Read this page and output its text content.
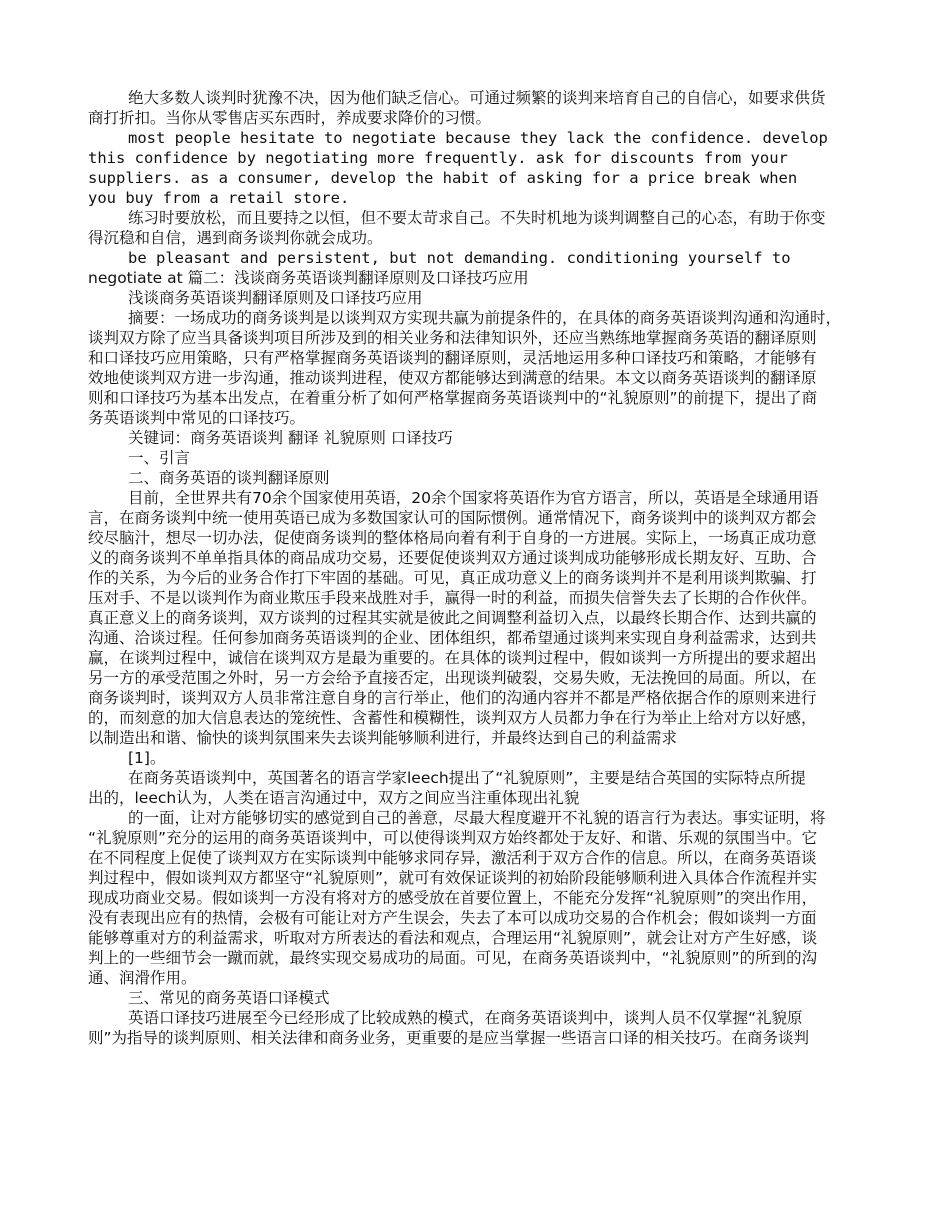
绝大多数人谈判时犹豫不决，因为他们缺乏信心。可通过频繁的谈判来培育自己的自信心，如要求供货
商打折扣。当你从零售店买东西时，养成要求降价的习惯。
most people hesitate to negotiate because they lack the confidence. develop
this confidence by negotiating more frequently. ask for discounts from your
suppliers. as a consumer, develop the habit of asking for a price break when
you buy from a retail store.
练习时要放松，而且要持之以恒，但不要太苛求自己。不失时机地为谈判调整自己的心态，有助于你变
得沉稳和自信，遇到商务谈判你就会成功。
be pleasant and persistent, but not demanding. conditioning yourself to
negotiate at 篇二：浅谈商务英语谈判翻译原则及口译技巧应用
浅谈商务英语谈判翻译原则及口译技巧应用
摘要：一场成功的商务谈判是以谈判双方实现共赢为前提条件的，在具体的商务英语谈判沟通和沟通时，
谈判双方除了应当具备谈判项目所涉及到的相关业务和法律知识外，还应当熟练地掌握商务英语的翻译原则
和口译技巧应用策略，只有严格掌握商务英语谈判的翻译原则，灵活地运用多种口译技巧和策略，才能够有
效地使谈判双方进一步沟通，推动谈判进程，使双方都能够达到满意的结果。本文以商务英语谈判的翻译原
则和口译技巧为基本出发点，在着重分析了如何严格掌握商务英语谈判中的“礼貌原则”的前提下，提出了商
务英语谈判中常见的口译技巧。
关键词：商务英语谈判 翻译 礼貌原则 口译技巧
一、引言
二、商务英语的谈判翻译原则
目前，全世界共有70余个国家使用英语，20余个国家将英语作为官方语言，所以，英语是全球通用语
言，在商务谈判中统一使用英语已成为多数国家认可的国际惯例。通常情况下，商务谈判中的谈判双方都会
绞尽脑汁，想尽一切办法，促使商务谈判的整体格局向着有利于自身的一方进展。实际上，一场真正成功意
义的商务谈判不单单指具体的商品成功交易，还要促使谈判双方通过谈判成功能够形成长期友好、互助、合
作的关系，为今后的业务合作打下牢固的基础。可见，真正成功意义上的商务谈判并不是利用谈判欺骗、打
压对手、不是以谈判作为商业欺压手段来战胜对手，赢得一时的利益，而损失信誉失去了长期的合作伙伴。
真正意义上的商务谈判，双方谈判的过程其实就是彼此之间调整利益切入点，以最终长期合作、达到共赢的
沟通、洽谈过程。任何参加商务英语谈判的企业、团体组织，都希望通过谈判来实现自身利益需求，达到共
赢，在谈判过程中，诚信在谈判双方是最为重要的。在具体的谈判过程中，假如谈判一方所提出的要求超出
另一方的承受范围之外时，另一方会给予直接否定，出现谈判破裂，交易失败，无法挽回的局面。所以，在
商务谈判时，谈判双方人员非常注意自身的言行举止，他们的沟通内容并不都是严格依据合作的原则来进行
的，而刻意的加大信息表达的笼统性、含蓄性和模糊性，谈判双方人员都力争在行为举止上给对方以好感，
以制造出和谐、愉快的谈判氛围来失去谈判能够顺利进行，并最终达到自己的利益需求
[1]。
在商务英语谈判中，英国著名的语言学家leech提出了“礼貌原则”，主要是结合英国的实际特点所提
出的，leech认为，人类在语言沟通过中，双方之间应当注重体现出礼貌
的一面，让对方能够切实的感觉到自己的善意，尽最大程度避开不礼貌的语言行为表达。事实证明，将
“礼貌原则”充分的运用的商务英语谈判中，可以使得谈判双方始终都处于友好、和谐、乐观的氛围当中。它
在不同程度上促使了谈判双方在实际谈判中能够求同存异，激活利于双方合作的信息。所以，在商务英语谈
判过程中，假如谈判双方都坚守“礼貌原则”，就可有效保证谈判的初始阶段能够顺利进入具体合作流程并实
现成功商业交易。假如谈判一方没有将对方的感受放在首要位置上，不能充分发挥“礼貌原则”的突出作用，
没有表现出应有的热情，会极有可能让对方产生误会，失去了本可以成功交易的合作机会；假如谈判一方面
能够尊重对方的利益需求，听取对方所表达的看法和观点，合理运用“礼貌原则”，就会让对方产生好感，谈
判上的一些细节会一蹴而就，最终实现交易成功的局面。可见，在商务英语谈判中，“礼貌原则”的所到的沟
通、润滑作用。
三、常见的商务英语口译模式
英语口译技巧进展至今已经形成了比较成熟的模式，在商务英语谈判中，谈判人员不仅掌握“礼貌原
则”为指导的谈判原则、相关法律和商务业务，更重要的是应当掌握一些语言口译的相关技巧。在商务谈判
